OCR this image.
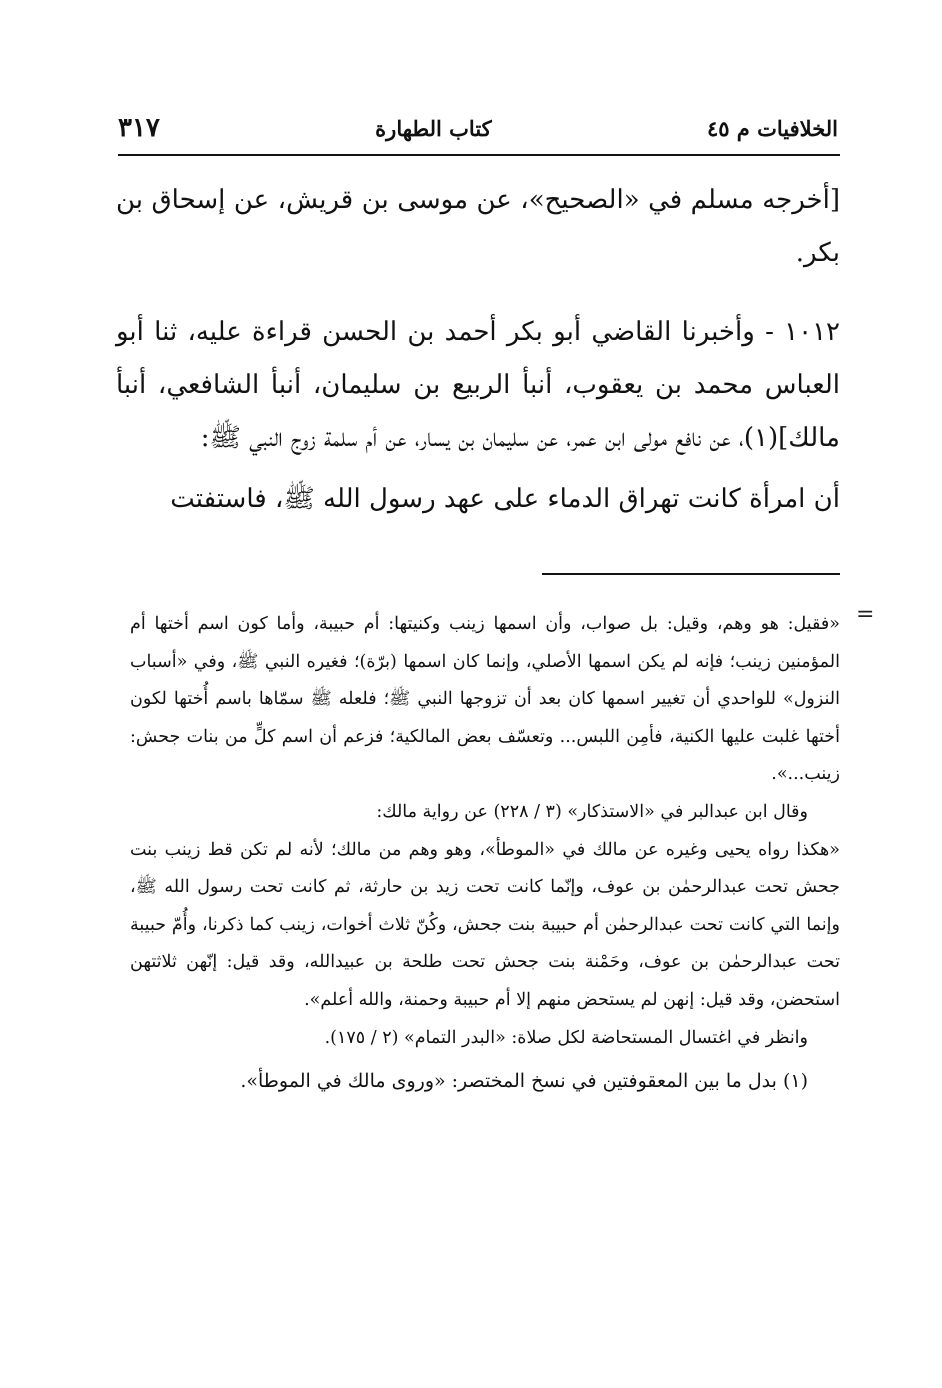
الخلافيات م ٤٥
كتاب الطهارة
٣١٧

[أخرجه مسلم في «الصحيح»، عن موسى بن قريش، عن إسحاق بن بكر.

١٠١٢ - وأخبرنا القاضي أبو بكر أحمد بن الحسن قراءة عليه، ثنا أبو العباس محمد بن يعقوب، أنبأ الربيع بن سليمان، أنبأ الشافعي، أنبأ مالك](١)، عن نافع مولى ابن عمر، عن سليمان بن يسار، عن أم سلمة زوج النبي ﷺ:

أن امرأة كانت تهراق الدماء على عهد رسول الله ﷺ، فاستفتت

=

«فقيل: هو وهم، وقيل: بل صواب، وأن اسمها زينب وكنيتها: أم حبيبة، وأما كون اسم أختها أم المؤمنين زينب؛ فإنه لم يكن اسمها الأصلي، وإنما كان اسمها (برّة)؛ فغيره النبي ﷺ، وفي «أسباب النزول» للواحدي أن تغيير اسمها كان بعد أن تزوجها النبي ﷺ؛ فلعله ﷺ سمّاها باسم أُختها لكون أختها غلبت عليها الكنية، فأمِن اللبس... وتعسّف بعض المالكية؛ فزعم أن اسم كلٍّ من بنات جحش: زينب...».

وقال ابن عبدالبر في «الاستذكار» (٣ / ٢٢٨) عن رواية مالك:

«هكذا رواه يحيى وغيره عن مالك في «الموطأ»، وهو وهم من مالك؛ لأنه لم تكن قط زينب بنت جحش تحت عبدالرحمٰن بن عوف، وإنّما كانت تحت زيد بن حارثة، ثم كانت تحت رسول الله ﷺ، وإنما التي كانت تحت عبدالرحمٰن أم حبيبة بنت جحش، وكُنّ ثلاث أخوات، زينب كما ذكرنا، وأُمّ حبيبة تحت عبدالرحمٰن بن عوف، وحَمْنة بنت جحش تحت طلحة بن عبيدالله، وقد قيل: إنّهن ثلاثتهن استحضن، وقد قيل: إنهن لم يستحض منهم إلا أم حبيبة وحمنة، والله أعلم».

وانظر في اغتسال المستحاضة لكل صلاة: «البدر التمام» (٢ / ١٧٥).

(١) بدل ما بين المعقوفتين في نسخ المختصر: «وروى مالك في الموطأ».
